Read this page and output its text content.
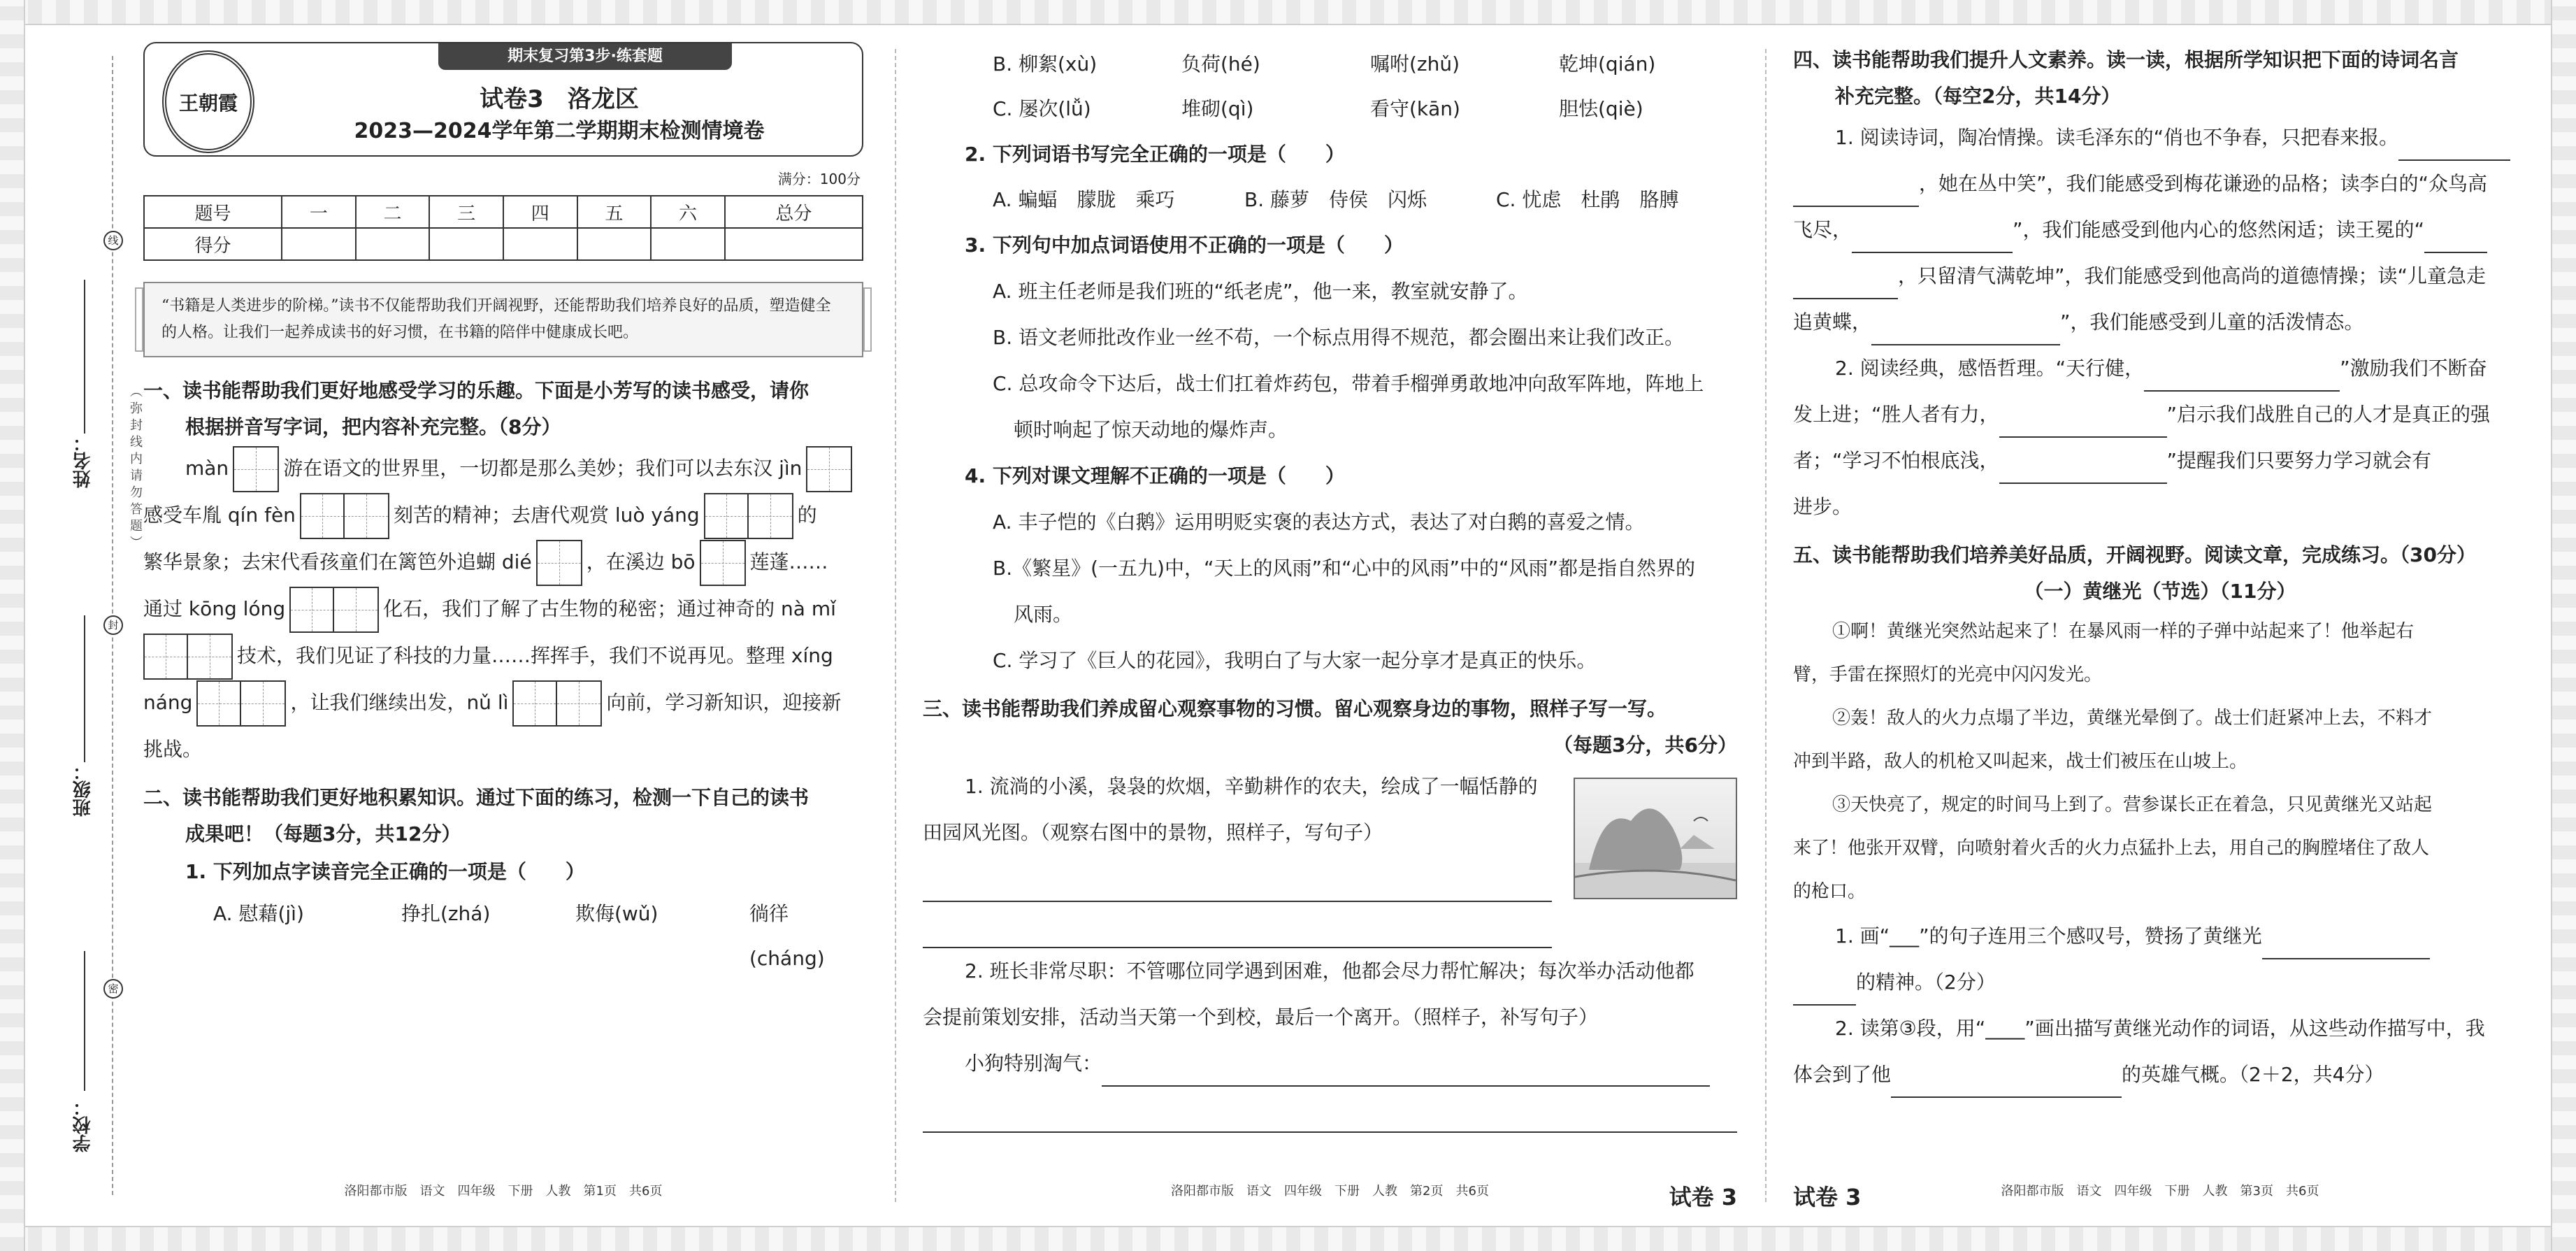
线
封
密
姓名：
班级：
学校：
（弥封线内请勿答题）
王朝霞
期末复习第3步·练套题
试卷3　洛龙区
2023—2024学年第二学期期末检测情境卷
满分：100分
题号	一	二	三	四	五	六	总分
得分							
“书籍是人类进步的阶梯。”读书不仅能帮助我们开阔视野，还能帮助我们培养良好的品质，塑造健全的人格。让我们一起养成读书的好习惯，在书籍的陪伴中健康成长吧。
一、读书能帮助我们更好地感受学习的乐趣。下面是小芳写的读书感受，请你
根据拼音写字词，把内容补充完整。（8分）
màn	游在语文的世界里，一切都是那么美妙；我们可以去东汉 jìn
感受车胤 qín fèn	刻苦的精神；去唐代观赏 luò yáng	的
繁华景象；去宋代看孩童们在篱笆外追蝴 dié	，在溪边 bō	莲蓬……
通过 kōng lóng	化石，我们了解了古生物的秘密；通过神奇的 nà mǐ
技术，我们见证了科技的力量……挥挥手，我们不说再见。整理 xíng
náng	，让我们继续出发，nǔ lì	向前，学习新知识，迎接新
挑战。
二、读书能帮助我们更好地积累知识。通过下面的练习，检测一下自己的读书
成果吧！（每题3分，共12分）
1. 下列加点字读音完全正确的一项是（　　）
A. 慰藉(jì)	挣扎(zhá)	欺侮(wǔ)	徜徉(cháng)
洛阳都市版　语文　四年级　下册　人教　第1页　共6页
B. 柳絮(xù)	负荷(hé)	嘱咐(zhǔ)	乾坤(qián)
C. 屡次(lǚ)	堆砌(qì)	看守(kān)	胆怯(qiè)
2. 下列词语书写完全正确的一项是（　　）
A. 蝙蝠　朦胧　乘巧	B. 藤萝　侍侯　闪烁	C. 忧虑　杜鹃　胳膊
3. 下列句中加点词语使用不正确的一项是（　　）
A. 班主任老师是我们班的“纸老虎”，他一来，教室就安静了。
B. 语文老师批改作业一丝不苟，一个标点用得不规范，都会圈出来让我们改正。
C. 总攻命令下达后，战士们扛着炸药包，带着手榴弹勇敢地冲向敌军阵地，阵地上
顿时响起了惊天动地的爆炸声。
4. 下列对课文理解不正确的一项是（　　）
A. 丰子恺的《白鹅》运用明贬实褒的表达方式，表达了对白鹅的喜爱之情。
B.《繁星》(一五九)中，“天上的风雨”和“心中的风雨”中的“风雨”都是指自然界的
风雨。
C. 学习了《巨人的花园》，我明白了与大家一起分享才是真正的快乐。
三、读书能帮助我们养成留心观察事物的习惯。留心观察身边的事物，照样子写一写。
（每题3分，共6分）
1. 流淌的小溪，袅袅的炊烟，辛勤耕作的农夫，绘成了一幅恬静的
田园风光图。（观察右图中的景物，照样子，写句子）
2. 班长非常尽职：不管哪位同学遇到困难，他都会尽力帮忙解决；每次举办活动他都
会提前策划安排，活动当天第一个到校，最后一个离开。（照样子，补写句子）
小狗特别淘气：
洛阳都市版　语文　四年级　下册　人教　第2页　共6页	试卷 3
四、读书能帮助我们提升人文素养。读一读，根据所学知识把下面的诗词名言
补充完整。（每空2分，共14分）
1. 阅读诗词，陶冶情操。读毛泽东的“俏也不争春，只把春来报。
，她在丛中笑”，我们能感受到梅花谦逊的品格；读李白的“众鸟高
飞尽，	”，我们能感受到他内心的悠然闲适；读王冕的“
，只留清气满乾坤”，我们能感受到他高尚的道德情操；读“儿童急走
追黄蝶，	”，我们能感受到儿童的活泼情态。
2. 阅读经典，感悟哲理。“天行健，	”激励我们不断奋
发上进；“胜人者有力，	”启示我们战胜自己的人才是真正的强
者；“学习不怕根底浅，	”提醒我们只要努力学习就会有
进步。
五、读书能帮助我们培养美好品质，开阔视野。阅读文章，完成练习。（30分）
（一）黄继光（节选）（11分）
①啊！黄继光突然站起来了！在暴风雨一样的子弹中站起来了！他举起右
臂，手雷在探照灯的光亮中闪闪发光。
②轰！敌人的火力点塌了半边，黄继光晕倒了。战士们赶紧冲上去，不料才
冲到半路，敌人的机枪又叫起来，战士们被压在山坡上。
③天快亮了，规定的时间马上到了。营参谋长正在着急，只见黄继光又站起
来了！他张开双臂，向喷射着火舌的火力点猛扑上去，用自己的胸膛堵住了敌人
的枪口。
1. 画“___”的句子连用三个感叹号，赞扬了黄继光
的精神。（2分）
2. 读第③段，用“____”画出描写黄继光动作的词语，从这些动作描写中，我
体会到了他	的英雄气概。（2＋2，共4分）
试卷 3	洛阳都市版　语文　四年级　下册　人教　第3页　共6页
